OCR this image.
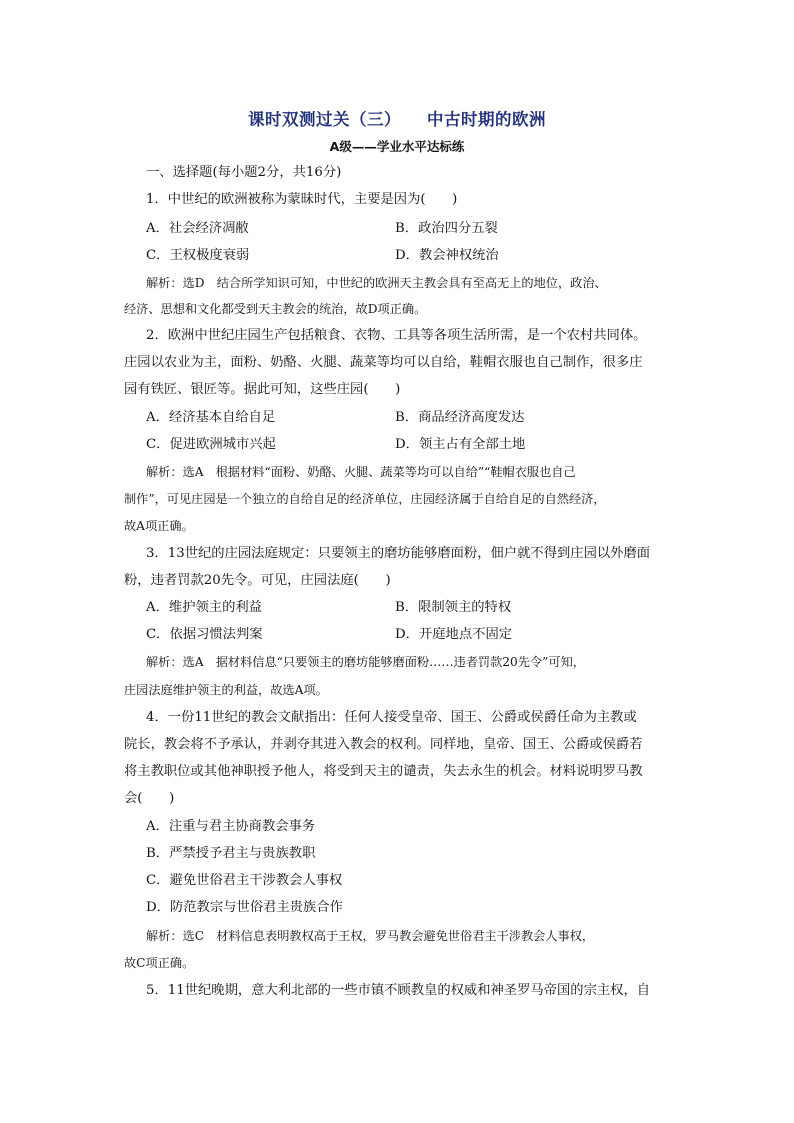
课时双测过关（三） 中古时期的欧洲
A级——学业水平达标练
一、选择题(每小题2分，共16分)
1．中世纪的欧洲被称为蒙昧时代，主要是因为(　　)
A．社会经济凋敝	B．政治四分五裂
C．王权极度衰弱	D．教会神权统治
解析：选D　结合所学知识可知，中世纪的欧洲天主教会具有至高无上的地位，政治、
经济、思想和文化都受到天主教会的统治，故D项正确。
2．欧洲中世纪庄园生产包括粮食、衣物、工具等各项生活所需，是一个农村共同体。
庄园以农业为主，面粉、奶酪、火腿、蔬菜等均可以自给，鞋帽衣服也自己制作，很多庄
园有铁匠、银匠等。据此可知，这些庄园(　　)
A．经济基本自给自足	B．商品经济高度发达
C．促进欧洲城市兴起	D．领主占有全部土地
解析：选A　根据材料“面粉、奶酪、火腿、蔬菜等均可以自给”“鞋帽衣服也自己
制作”，可见庄园是一个独立的自给自足的经济单位，庄园经济属于自给自足的自然经济，
故A项正确。
3．13世纪的庄园法庭规定：只要领主的磨坊能够磨面粉，佃户就不得到庄园以外磨面
粉，违者罚款20先令。可见，庄园法庭(　　)
A．维护领主的利益	B．限制领主的特权
C．依据习惯法判案	D．开庭地点不固定
解析：选A　据材料信息“只要领主的磨坊能够磨面粉……违者罚款20先令”可知，
庄园法庭维护领主的利益，故选A项。
4．一份11世纪的教会文献指出：任何人接受皇帝、国王、公爵或侯爵任命为主教或
院长，教会将不予承认，并剥夺其进入教会的权利。同样地，皇帝、国王、公爵或侯爵若
将主教职位或其他神职授予他人，将受到天主的谴责，失去永生的机会。材料说明罗马教
会(　　)
A．注重与君主协商教会事务
B．严禁授予君主与贵族教职
C．避免世俗君主干涉教会人事权
D．防范教宗与世俗君主贵族合作
解析：选C　材料信息表明教权高于王权，罗马教会避免世俗君主干涉教会人事权，
故C项正确。
5．11世纪晚期，意大利北部的一些市镇不顾教皇的权威和神圣罗马帝国的宗主权，自
